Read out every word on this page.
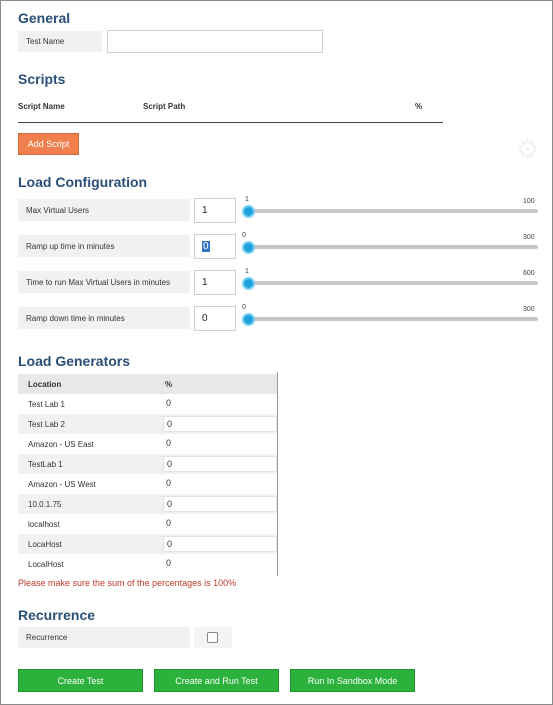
General
Test Name
Scripts
Script Name	Script Path	%
Add Script	⚙
Load Configuration
Max Virtual Users	1
1	100
Ramp up time in minutes	0
0	300
Time to run Max Virtual Users in minutes	1
1	600
Ramp down time in minutes	0
0	300
Load Generators
Location	%
Test Lab 1	0
Test Lab 2	0
Amazon - US East	0
TestLab 1	0
Amazon - US West	0
10.0.1.75	0
localhost	0
LocaHost	0
LocalHost	0
Please make sure the sum of the percentages is 100%
Recurrence
Recurrence
Create Test	Create and Run Test	Run In Sandbox Mode
